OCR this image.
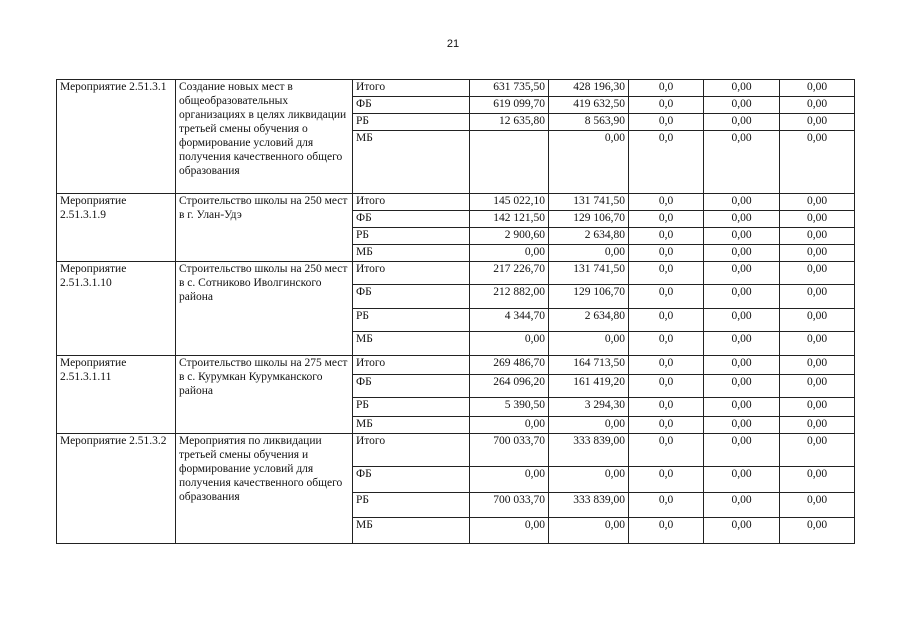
21
Мероприятие 2.51.3.1	Создание новых мест в общеобразовательных организациях в целях ликвидации третьей смены обучения о формирование условий для получения качественного общего образования	Итого	631 735,50	428 196,30	0,0	0,00	0,00
		ФБ	619 099,70	419 632,50	0,0	0,00	0,00
		РБ	12 635,80	8 563,90	0,0	0,00	0,00
		МБ		0,00	0,0	0,00	0,00
Мероприятие 2.51.3.1.9	Строительство школы на 250 мест в г. Улан-Удэ	Итого	145 022,10	131 741,50	0,0	0,00	0,00
		ФБ	142 121,50	129 106,70	0,0	0,00	0,00
		РБ	2 900,60	2 634,80	0,0	0,00	0,00
		МБ	0,00	0,00	0,0	0,00	0,00
Мероприятие 2.51.3.1.10	Строительство школы на 250 мест в с. Сотниково Иволгинского района	Итого	217 226,70	131 741,50	0,0	0,00	0,00
		ФБ	212 882,00	129 106,70	0,0	0,00	0,00
		РБ	4 344,70	2 634,80	0,0	0,00	0,00
		МБ	0,00	0,00	0,0	0,00	0,00
Мероприятие 2.51.3.1.11	Строительство школы на 275 мест в с. Курумкан Курумканского района	Итого	269 486,70	164 713,50	0,0	0,00	0,00
		ФБ	264 096,20	161 419,20	0,0	0,00	0,00
		РБ	5 390,50	3 294,30	0,0	0,00	0,00
		МБ	0,00	0,00	0,0	0,00	0,00
Мероприятие 2.51.3.2	Мероприятия по ликвидации третьей смены обучения и формирование условий для получения качественного общего образования	Итого	700 033,70	333 839,00	0,0	0,00	0,00
		ФБ	0,00	0,00	0,0	0,00	0,00
		РБ	700 033,70	333 839,00	0,0	0,00	0,00
		МБ	0,00	0,00	0,0	0,00	0,00
